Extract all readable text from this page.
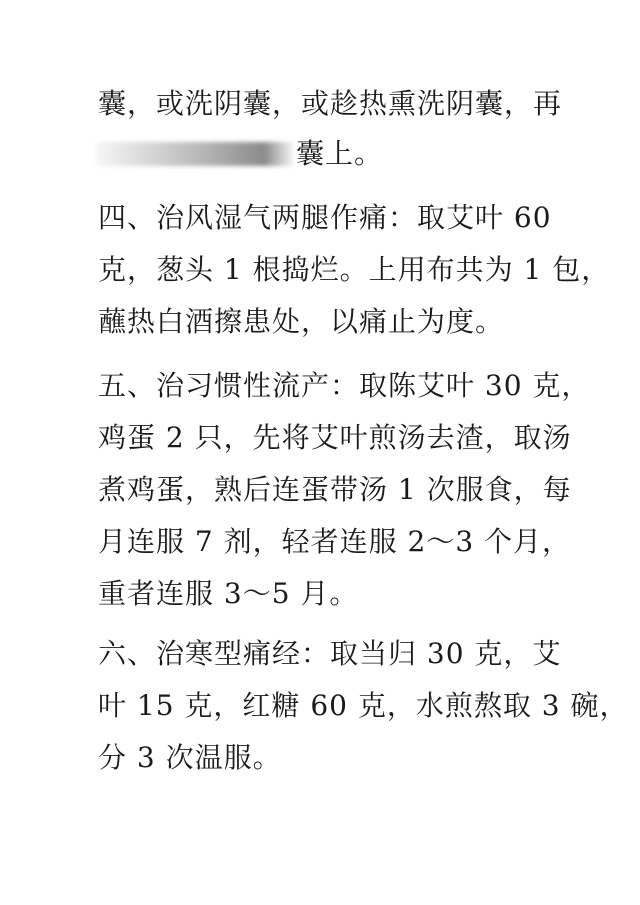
囊，或洗阴囊，或趁热熏洗阴囊，再
囊上。
四、治风湿气两腿作痛：取艾叶 60
克，葱头 1 根捣烂。上用布共为 1 包，
蘸热白酒擦患处，以痛止为度。
五、治习惯性流产：取陈艾叶 30 克，
鸡蛋 2 只，先将艾叶煎汤去渣，取汤
煮鸡蛋，熟后连蛋带汤 1 次服食，每
月连服 7 剂，轻者连服 2～3 个月，
重者连服 3～5 月。
六、治寒型痛经：取当归 30 克，艾
叶 15 克，红糖 60 克，水煎熬取 3 碗，
分 3 次温服。
